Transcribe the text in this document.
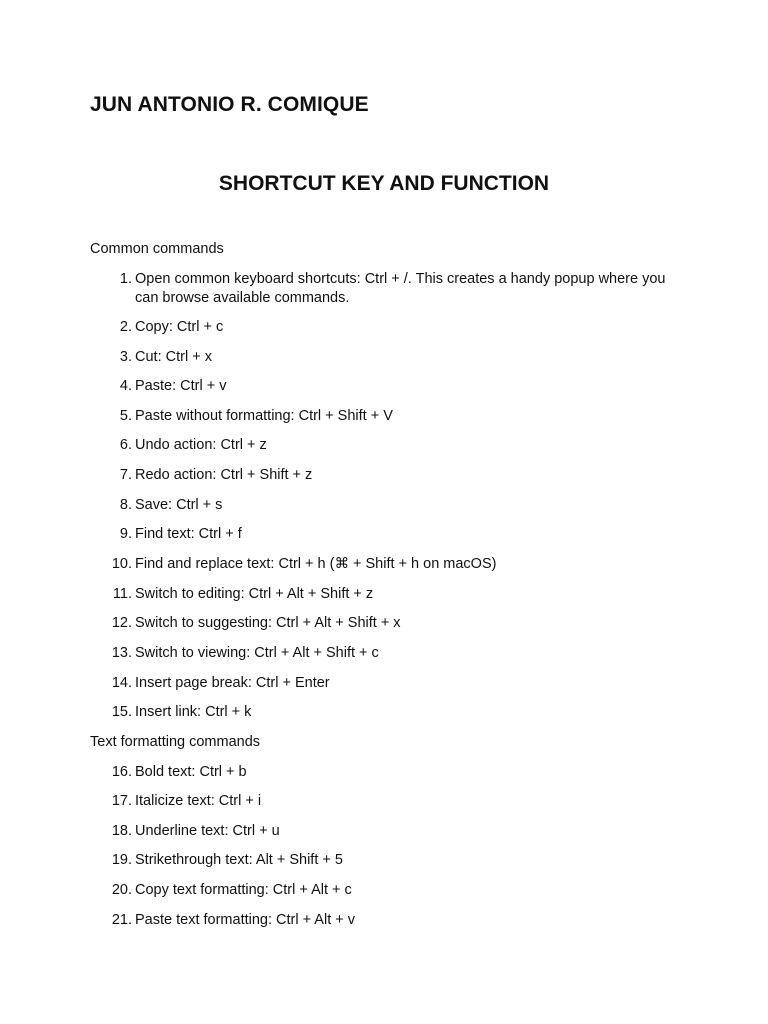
JUN ANTONIO R. COMIQUE
SHORTCUT KEY AND FUNCTION

Common commands

1. Open common keyboard shortcuts: Ctrl + /. This creates a handy popup where you can browse available commands.
2. Copy: Ctrl + c
3. Cut: Ctrl + x
4. Paste: Ctrl + v
5. Paste without formatting: Ctrl + Shift + V
6. Undo action: Ctrl + z
7. Redo action: Ctrl + Shift + z
8. Save: Ctrl + s
9. Find text: Ctrl + f
10. Find and replace text: Ctrl + h (⌘ + Shift + h on macOS)
11. Switch to editing: Ctrl + Alt + Shift + z
12. Switch to suggesting: Ctrl + Alt + Shift + x
13. Switch to viewing: Ctrl + Alt + Shift + c
14. Insert page break: Ctrl + Enter
15. Insert link: Ctrl + k

Text formatting commands

16. Bold text: Ctrl + b
17. Italicize text: Ctrl + i
18. Underline text: Ctrl + u
19. Strikethrough text: Alt + Shift + 5
20. Copy text formatting: Ctrl + Alt + c
21. Paste text formatting: Ctrl + Alt + v
